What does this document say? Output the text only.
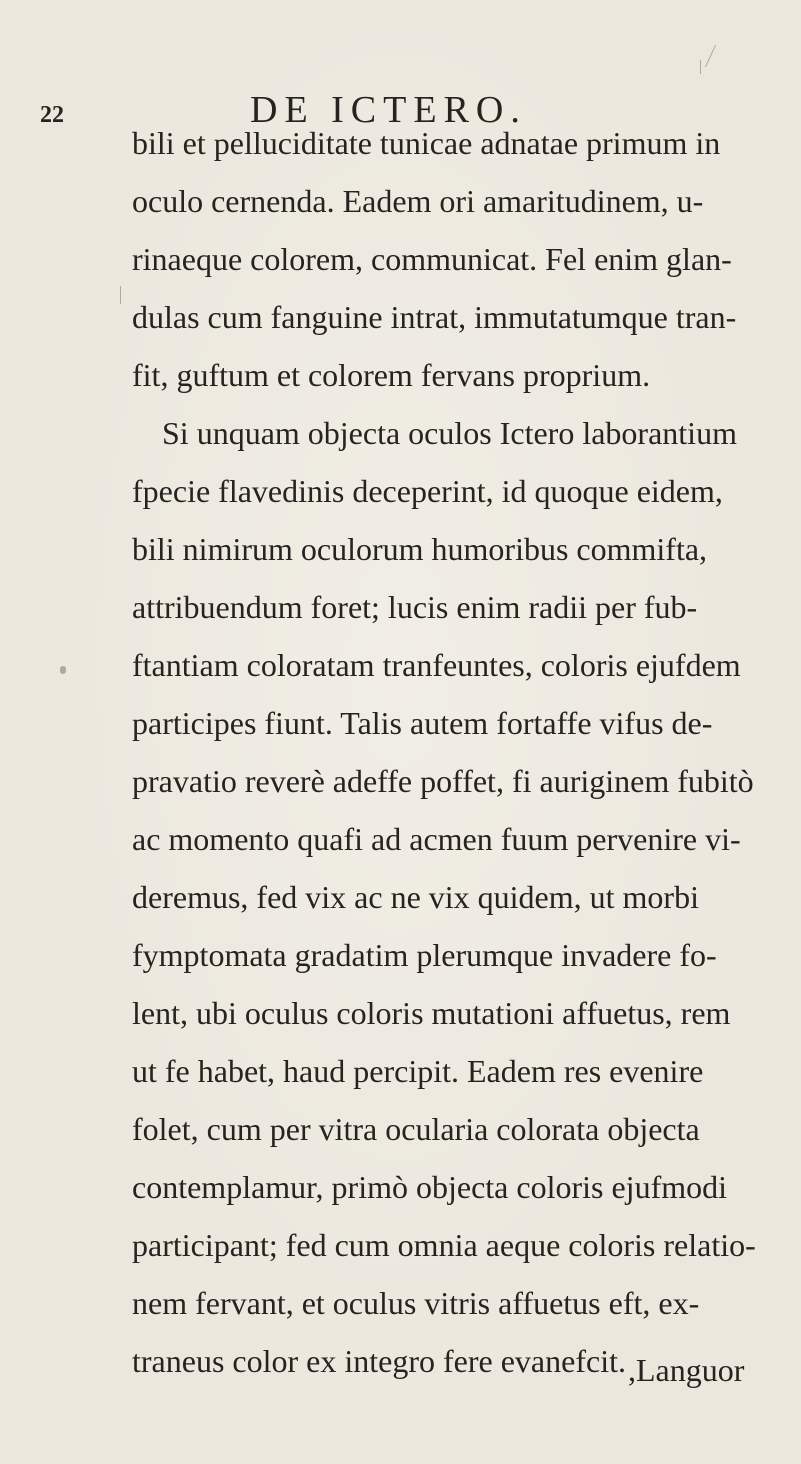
22	DE ICTERO.
bili et pelluciditate tunicae adnatae primum in
oculo cernenda. Eadem ori amaritudinem, u-
rinaeque colorem, communicat. Fel enim glan-
dulas cum fanguine intrat, immutatumque tran-
fit, guftum et colorem fervans proprium.
Si unquam objecta oculos Ictero laborantium
fpecie flavedinis deceperint, id quoque eidem,
bili nimirum oculorum humoribus commifta,
attribuendum foret; lucis enim radii per fub-
ftantiam coloratam tranfeuntes, coloris ejufdem
participes fiunt. Talis autem fortaffe vifus de-
pravatio reverè adeffe poffet, fi auriginem fubitò
ac momento quafi ad acmen fuum pervenire vi-
deremus, fed vix ac ne vix quidem, ut morbi
fymptomata gradatim plerumque invadere fo-
lent, ubi oculus coloris mutationi affuetus, rem
ut fe habet, haud percipit. Eadem res evenire
folet, cum per vitra ocularia colorata objecta
contemplamur, primò objecta coloris ejufmodi
participant; fed cum omnia aeque coloris relatio-
nem fervant, et oculus vitris affuetus eft, ex-
traneus color ex integro fere evanefcit. ,Languor
